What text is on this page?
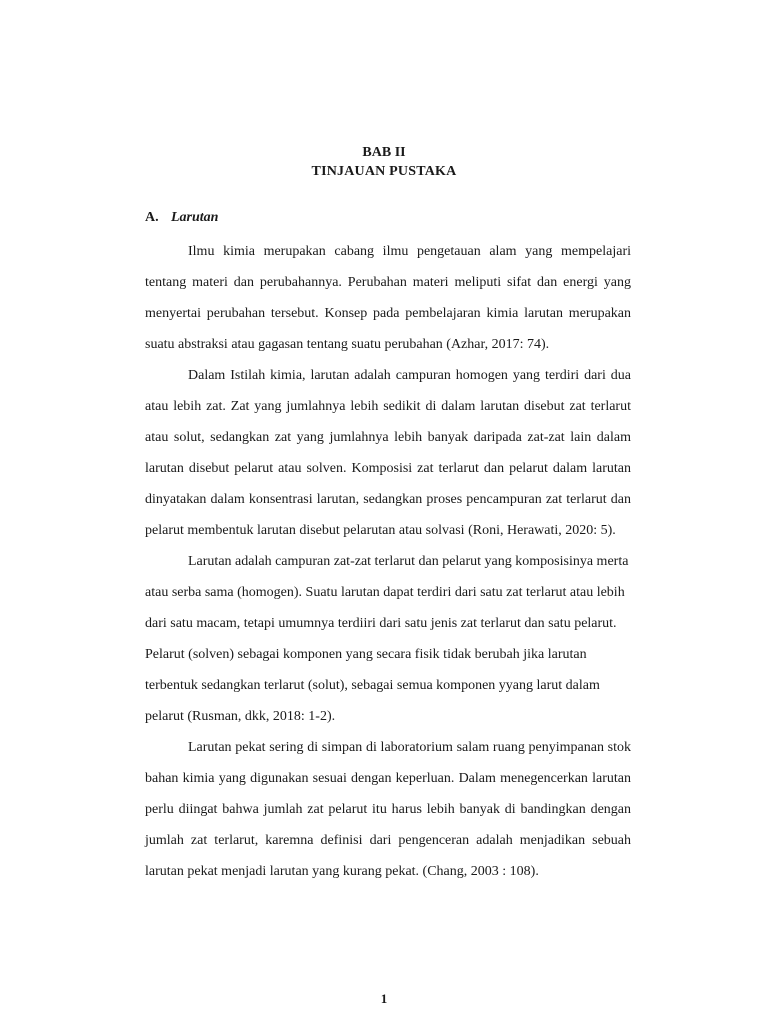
BAB II
TINJAUAN PUSTAKA
A. Larutan

Ilmu kimia merupakan cabang ilmu pengetauan alam yang mempelajari tentang materi dan perubahannya. Perubahan materi meliputi sifat dan energi yang menyertai perubahan tersebut. Konsep pada pembelajaran kimia larutan merupakan suatu abstraksi atau gagasan tentang suatu perubahan (Azhar, 2017: 74).

Dalam Istilah kimia, larutan adalah campuran homogen yang terdiri dari dua atau lebih zat. Zat yang jumlahnya lebih sedikit di dalam larutan disebut zat terlarut atau solut, sedangkan zat yang jumlahnya lebih banyak daripada zat-zat lain dalam larutan disebut pelarut atau solven. Komposisi zat terlarut dan pelarut dalam larutan dinyatakan dalam konsentrasi larutan, sedangkan proses pencampuran zat terlarut dan pelarut membentuk larutan disebut pelarutan atau solvasi (Roni, Herawati, 2020: 5).

Larutan adalah campuran zat-zat terlarut dan pelarut yang komposisinya merta atau serba sama (homogen). Suatu larutan dapat terdiri dari satu zat terlarut atau lebih dari satu macam, tetapi umumnya terdiiri dari satu jenis zat terlarut dan satu pelarut. Pelarut (solven) sebagai komponen yang secara fisik tidak berubah jika larutan terbentuk sedangkan terlarut (solut), sebagai semua komponen yyang larut dalam pelarut (Rusman, dkk, 2018: 1-2).

Larutan pekat sering di simpan di laboratorium salam ruang penyimpanan stok bahan kimia yang digunakan sesuai dengan keperluan. Dalam menegencerkan larutan perlu diingat bahwa jumlah zat pelarut itu harus lebih banyak di bandingkan dengan jumlah zat terlarut, karemna definisi dari pengenceran adalah menjadikan sebuah larutan pekat menjadi larutan yang kurang pekat. (Chang, 2003 : 108).

1
